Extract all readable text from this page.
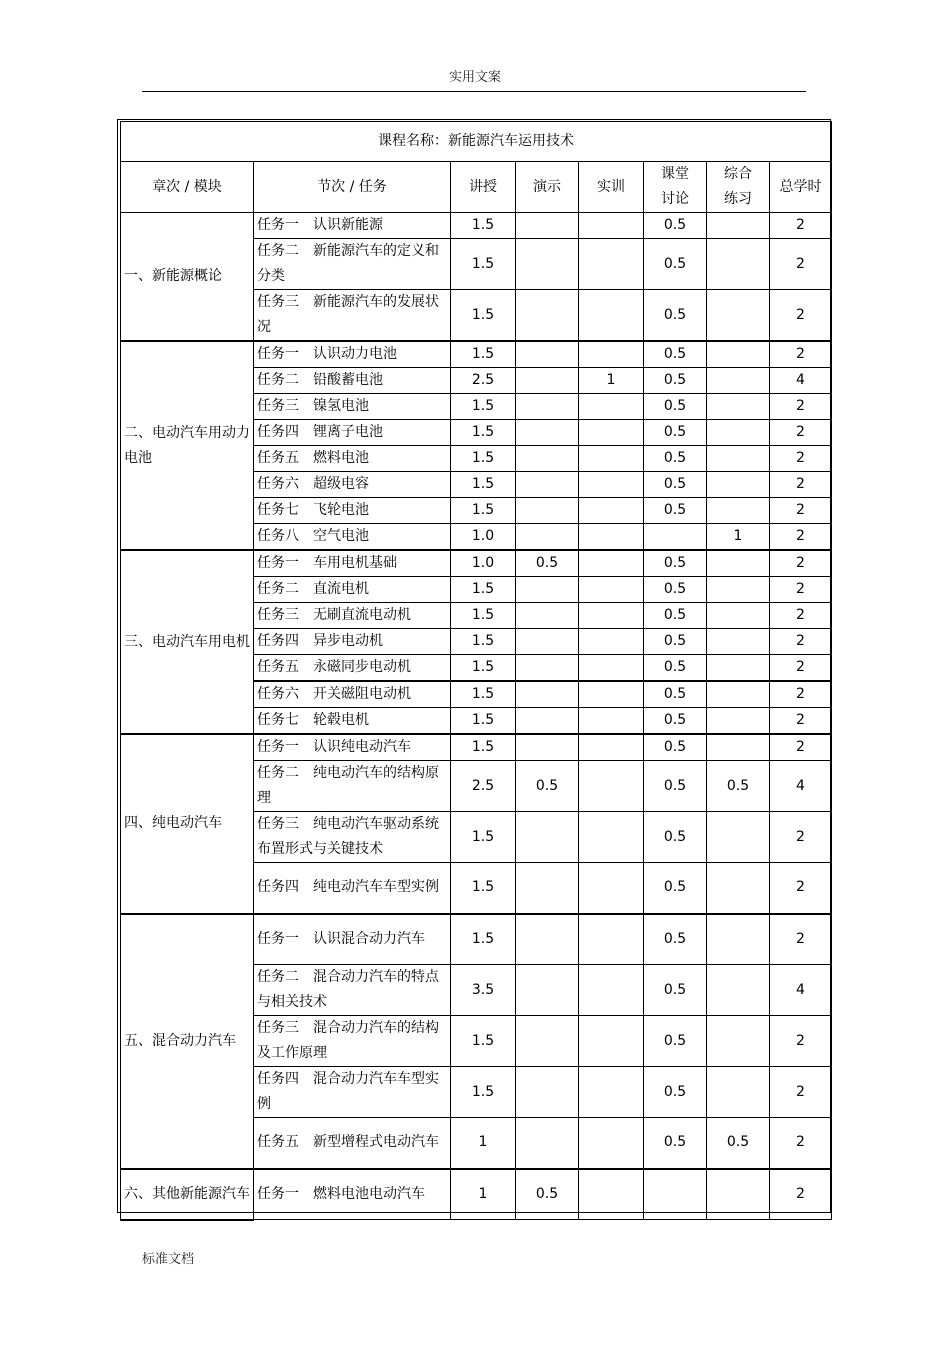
实用文案
课程名称：新能源汽车运用技术							
章次 / 模块	节次 / 任务	讲授	演示	实训	课堂讨论	综合练习	总学时
一、新能源概论	任务一　认识新能源	1.5			0.5		2
	任务二　新能源汽车的定义和分类	1.5			0.5		2
	任务三　新能源汽车的发展状况	1.5			0.5		2
二、电动汽车用动力电池	任务一　认识动力电池	1.5			0.5		2
	任务二　铅酸蓄电池	2.5		1	0.5		4
	任务三　镍氢电池	1.5			0.5		2
	任务四　锂离子电池	1.5			0.5		2
	任务五　燃料电池	1.5			0.5		2
	任务六　超级电容	1.5			0.5		2
	任务七　飞轮电池	1.5			0.5		2
	任务八　空气电池	1.0				1	2
三、电动汽车用电机	任务一　车用电机基础	1.0	0.5		0.5		2
	任务二　直流电机	1.5			0.5		2
	任务三　无刷直流电动机	1.5			0.5		2
	任务四　异步电动机	1.5			0.5		2
	任务五　永磁同步电动机	1.5			0.5		2
	任务六　开关磁阻电动机	1.5			0.5		2
	任务七　轮毂电机	1.5			0.5		2
四、纯电动汽车	任务一　认识纯电动汽车	1.5			0.5		2
	任务二　纯电动汽车的结构原理	2.5	0.5		0.5	0.5	4
	任务三　纯电动汽车驱动系统布置形式与关键技术	1.5			0.5		2
	任务四　纯电动汽车车型实例	1.5			0.5		2
五、混合动力汽车	任务一　认识混合动力汽车	1.5			0.5		2
	任务二　混合动力汽车的特点与相关技术	3.5			0.5		4
	任务三　混合动力汽车的结构及工作原理	1.5			0.5		2
	任务四　混合动力汽车车型实例	1.5			0.5		2
	任务五　新型增程式电动汽车	1			0.5	0.5	2
六、其他新能源汽车	任务一　燃料电池电动汽车	1	0.5				2
标准文档
